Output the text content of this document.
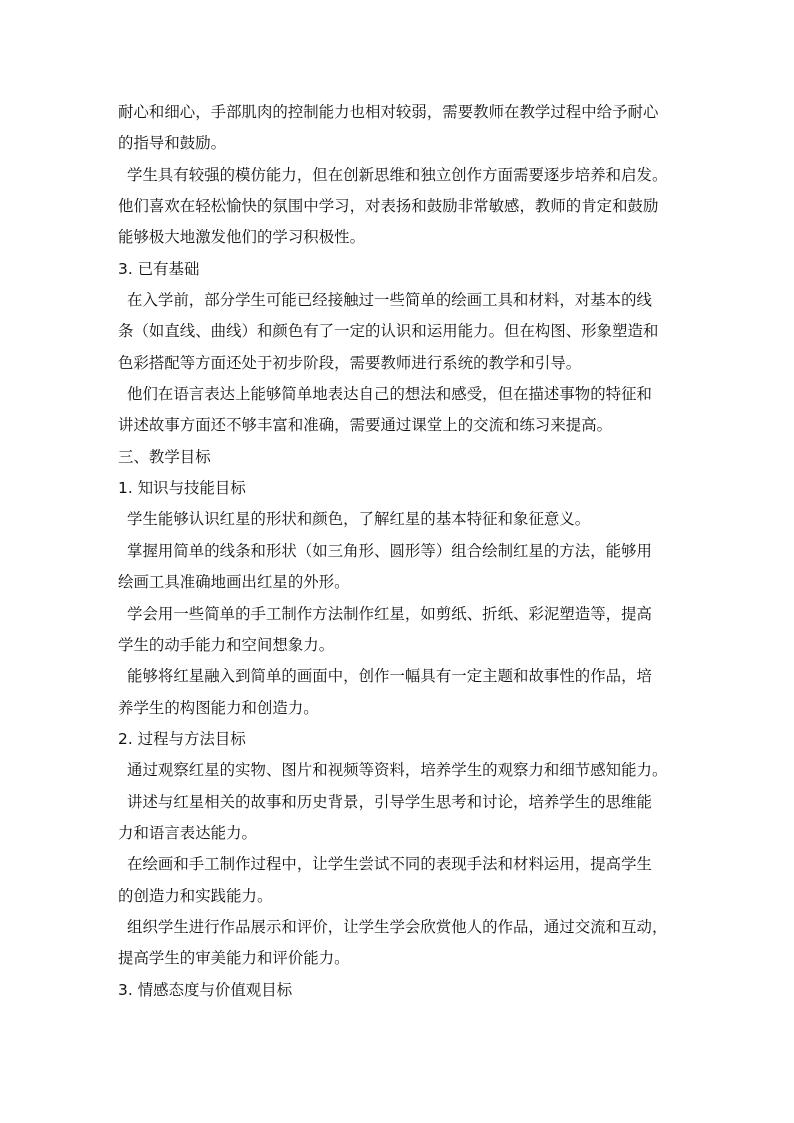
耐心和细心，手部肌肉的控制能力也相对较弱，需要教师在教学过程中给予耐心
的指导和鼓励。
学生具有较强的模仿能力，但在创新思维和独立创作方面需要逐步培养和启发。
他们喜欢在轻松愉快的氛围中学习，对表扬和鼓励非常敏感，教师的肯定和鼓励
能够极大地激发他们的学习积极性。
3. 已有基础
在入学前，部分学生可能已经接触过一些简单的绘画工具和材料，对基本的线
条（如直线、曲线）和颜色有了一定的认识和运用能力。但在构图、形象塑造和
色彩搭配等方面还处于初步阶段，需要教师进行系统的教学和引导。
他们在语言表达上能够简单地表达自己的想法和感受，但在描述事物的特征和
讲述故事方面还不够丰富和准确，需要通过课堂上的交流和练习来提高。
三、教学目标
1. 知识与技能目标
学生能够认识红星的形状和颜色，了解红星的基本特征和象征意义。
掌握用简单的线条和形状（如三角形、圆形等）组合绘制红星的方法，能够用
绘画工具准确地画出红星的外形。
学会用一些简单的手工制作方法制作红星，如剪纸、折纸、彩泥塑造等，提高
学生的动手能力和空间想象力。
能够将红星融入到简单的画面中，创作一幅具有一定主题和故事性的作品，培
养学生的构图能力和创造力。
2. 过程与方法目标
通过观察红星的实物、图片和视频等资料，培养学生的观察力和细节感知能力。
讲述与红星相关的故事和历史背景，引导学生思考和讨论，培养学生的思维能
力和语言表达能力。
在绘画和手工制作过程中，让学生尝试不同的表现手法和材料运用，提高学生
的创造力和实践能力。
组织学生进行作品展示和评价，让学生学会欣赏他人的作品，通过交流和互动，
提高学生的审美能力和评价能力。
3. 情感态度与价值观目标
